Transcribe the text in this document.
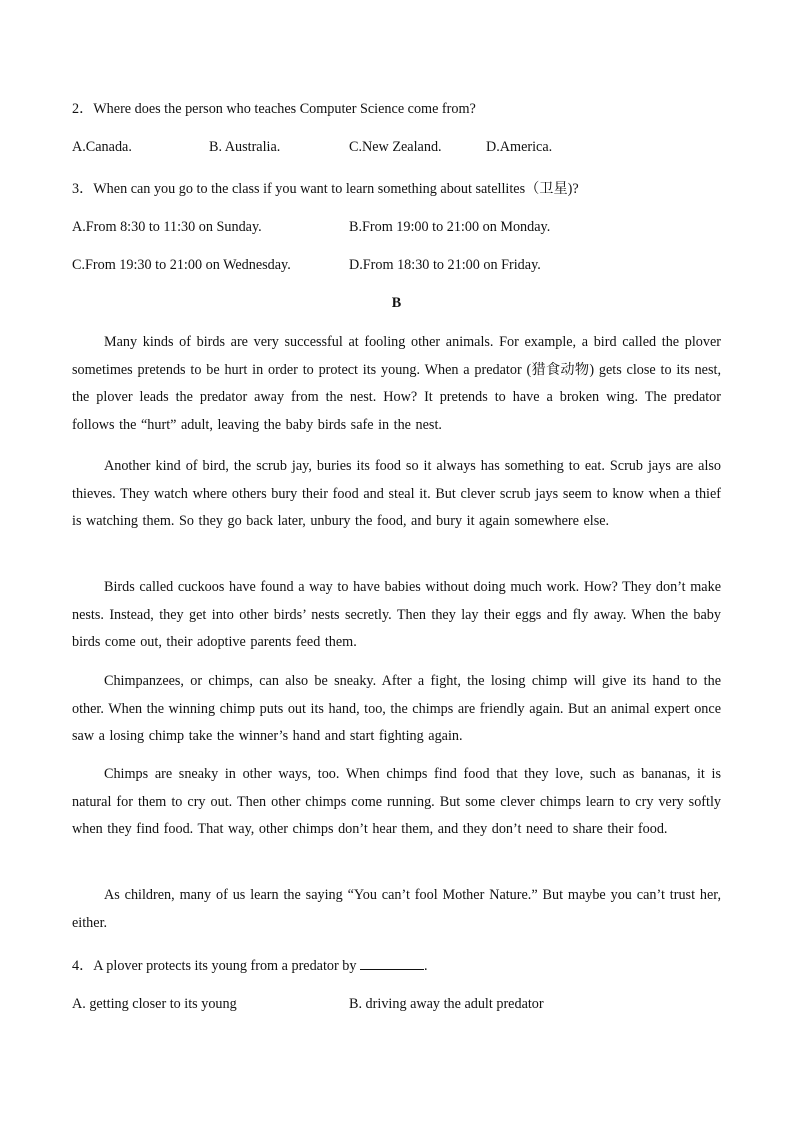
2．Where does the person who teaches Computer Science come from?
A.Canada.	B. Australia.	C.New Zealand.	D.America.
3．When can you go to the class if you want to learn something about satellites（卫星)?
A.From 8:30 to 11:30 on Sunday.	B.From 19:00 to 21:00 on Monday.
C.From 19:30 to 21:00 on Wednesday.	D.From 18:30 to 21:00 on Friday.
B
Many kinds of birds are very successful at fooling other animals. For example, a bird called the plover sometimes pretends to be hurt in order to protect its young. When a predator (猎食动物) gets close to its nest, the plover leads the predator away from the nest. How? It pretends to have a broken wing. The predator follows the “hurt” adult, leaving the baby birds safe in the nest.
Another kind of bird, the scrub jay, buries its food so it always has something to eat. Scrub jays are also thieves. They watch where others bury their food and steal it. But clever scrub jays seem to know when a thief is watching them. So they go back later, unbury the food, and bury it again somewhere else.
Birds called cuckoos have found a way to have babies without doing much work. How? They don’t make nests. Instead, they get into other birds’ nests secretly. Then they lay their eggs and fly away. When the baby birds come out, their adoptive parents feed them.
Chimpanzees, or chimps, can also be sneaky. After a fight, the losing chimp will give its hand to the other. When the winning chimp puts out its hand, too, the chimps are friendly again. But an animal expert once saw a losing chimp take the winner’s hand and start fighting again.
Chimps are sneaky in other ways, too. When chimps find food that they love, such as bananas, it is natural for them to cry out. Then other chimps come running. But some clever chimps learn to cry very softly when they find food. That way, other chimps don’t hear them, and they don’t need to share their food.
As children, many of us learn the saying “You can’t fool Mother Nature.” But maybe you can’t trust her, either.
4．A plover protects its young from a predator by	.
A. getting closer to its young	B. driving away the adult predator
